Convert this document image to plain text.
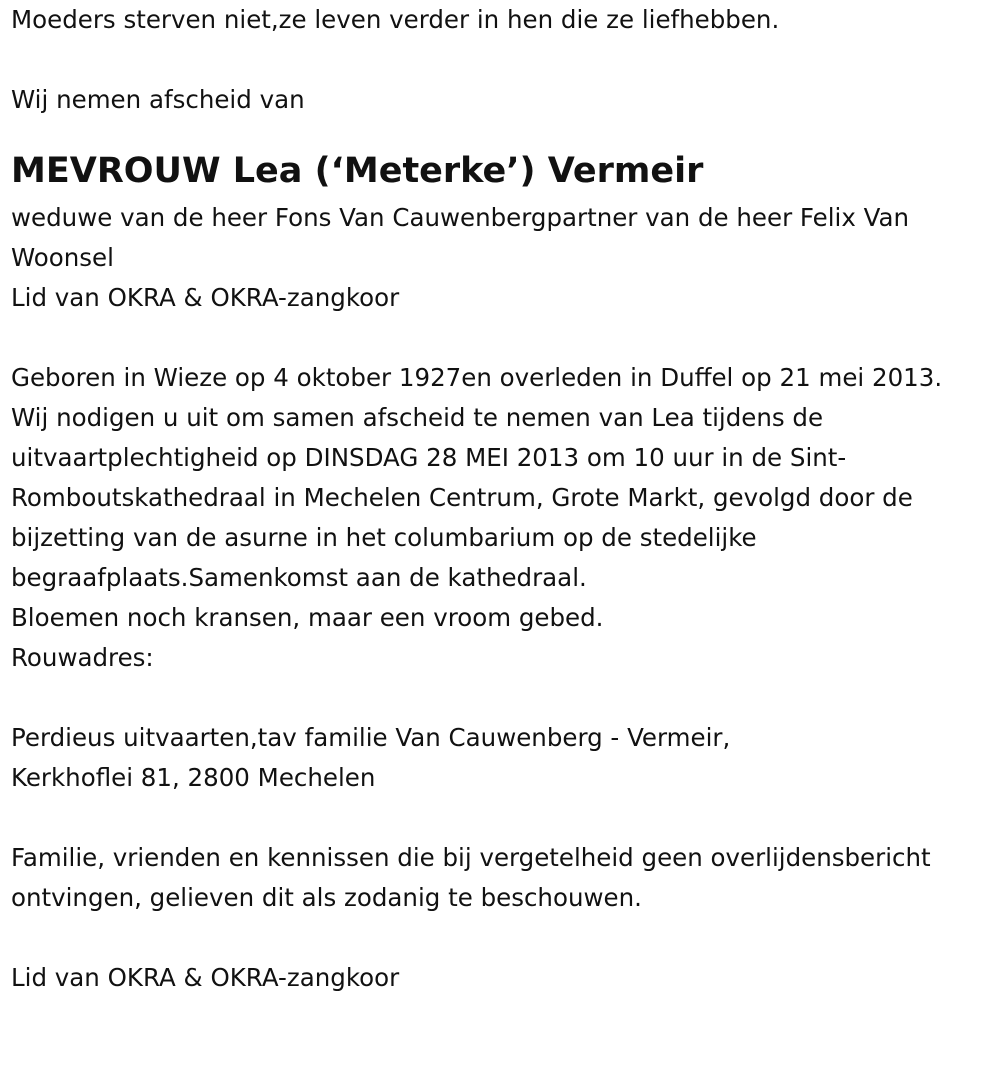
Moeders sterven niet,ze leven verder in hen die ze liefhebben.

Wij nemen afscheid van

MEVROUW Lea (‘Meterke’) Vermeir

weduwe van de heer Fons Van Cauwenbergpartner van de heer Felix Van Woonsel

Lid van OKRA & OKRA-zangkoor

Geboren in Wieze op 4 oktober 1927en overleden in Duffel op 21 mei 2013.

Wij nodigen u uit om samen afscheid te nemen van Lea tijdens de uitvaartplechtigheid op DINSDAG 28 MEI 2013 om 10 uur in de Sint-Romboutskathedraal in Mechelen Centrum, Grote Markt, gevolgd door de bijzetting van de asurne in het columbarium op de stedelijke begraafplaats.Samenkomst aan de kathedraal.

Bloemen noch kransen, maar een vroom gebed.

Rouwadres:

Perdieus uitvaarten,tav familie Van Cauwenberg - Vermeir,

Kerkhoflei 81, 2800 Mechelen

Familie, vrienden en kennissen die bij vergetelheid geen overlijdensbericht ontvingen, gelieven dit als zodanig te beschouwen.

Lid van OKRA & OKRA-zangkoor
